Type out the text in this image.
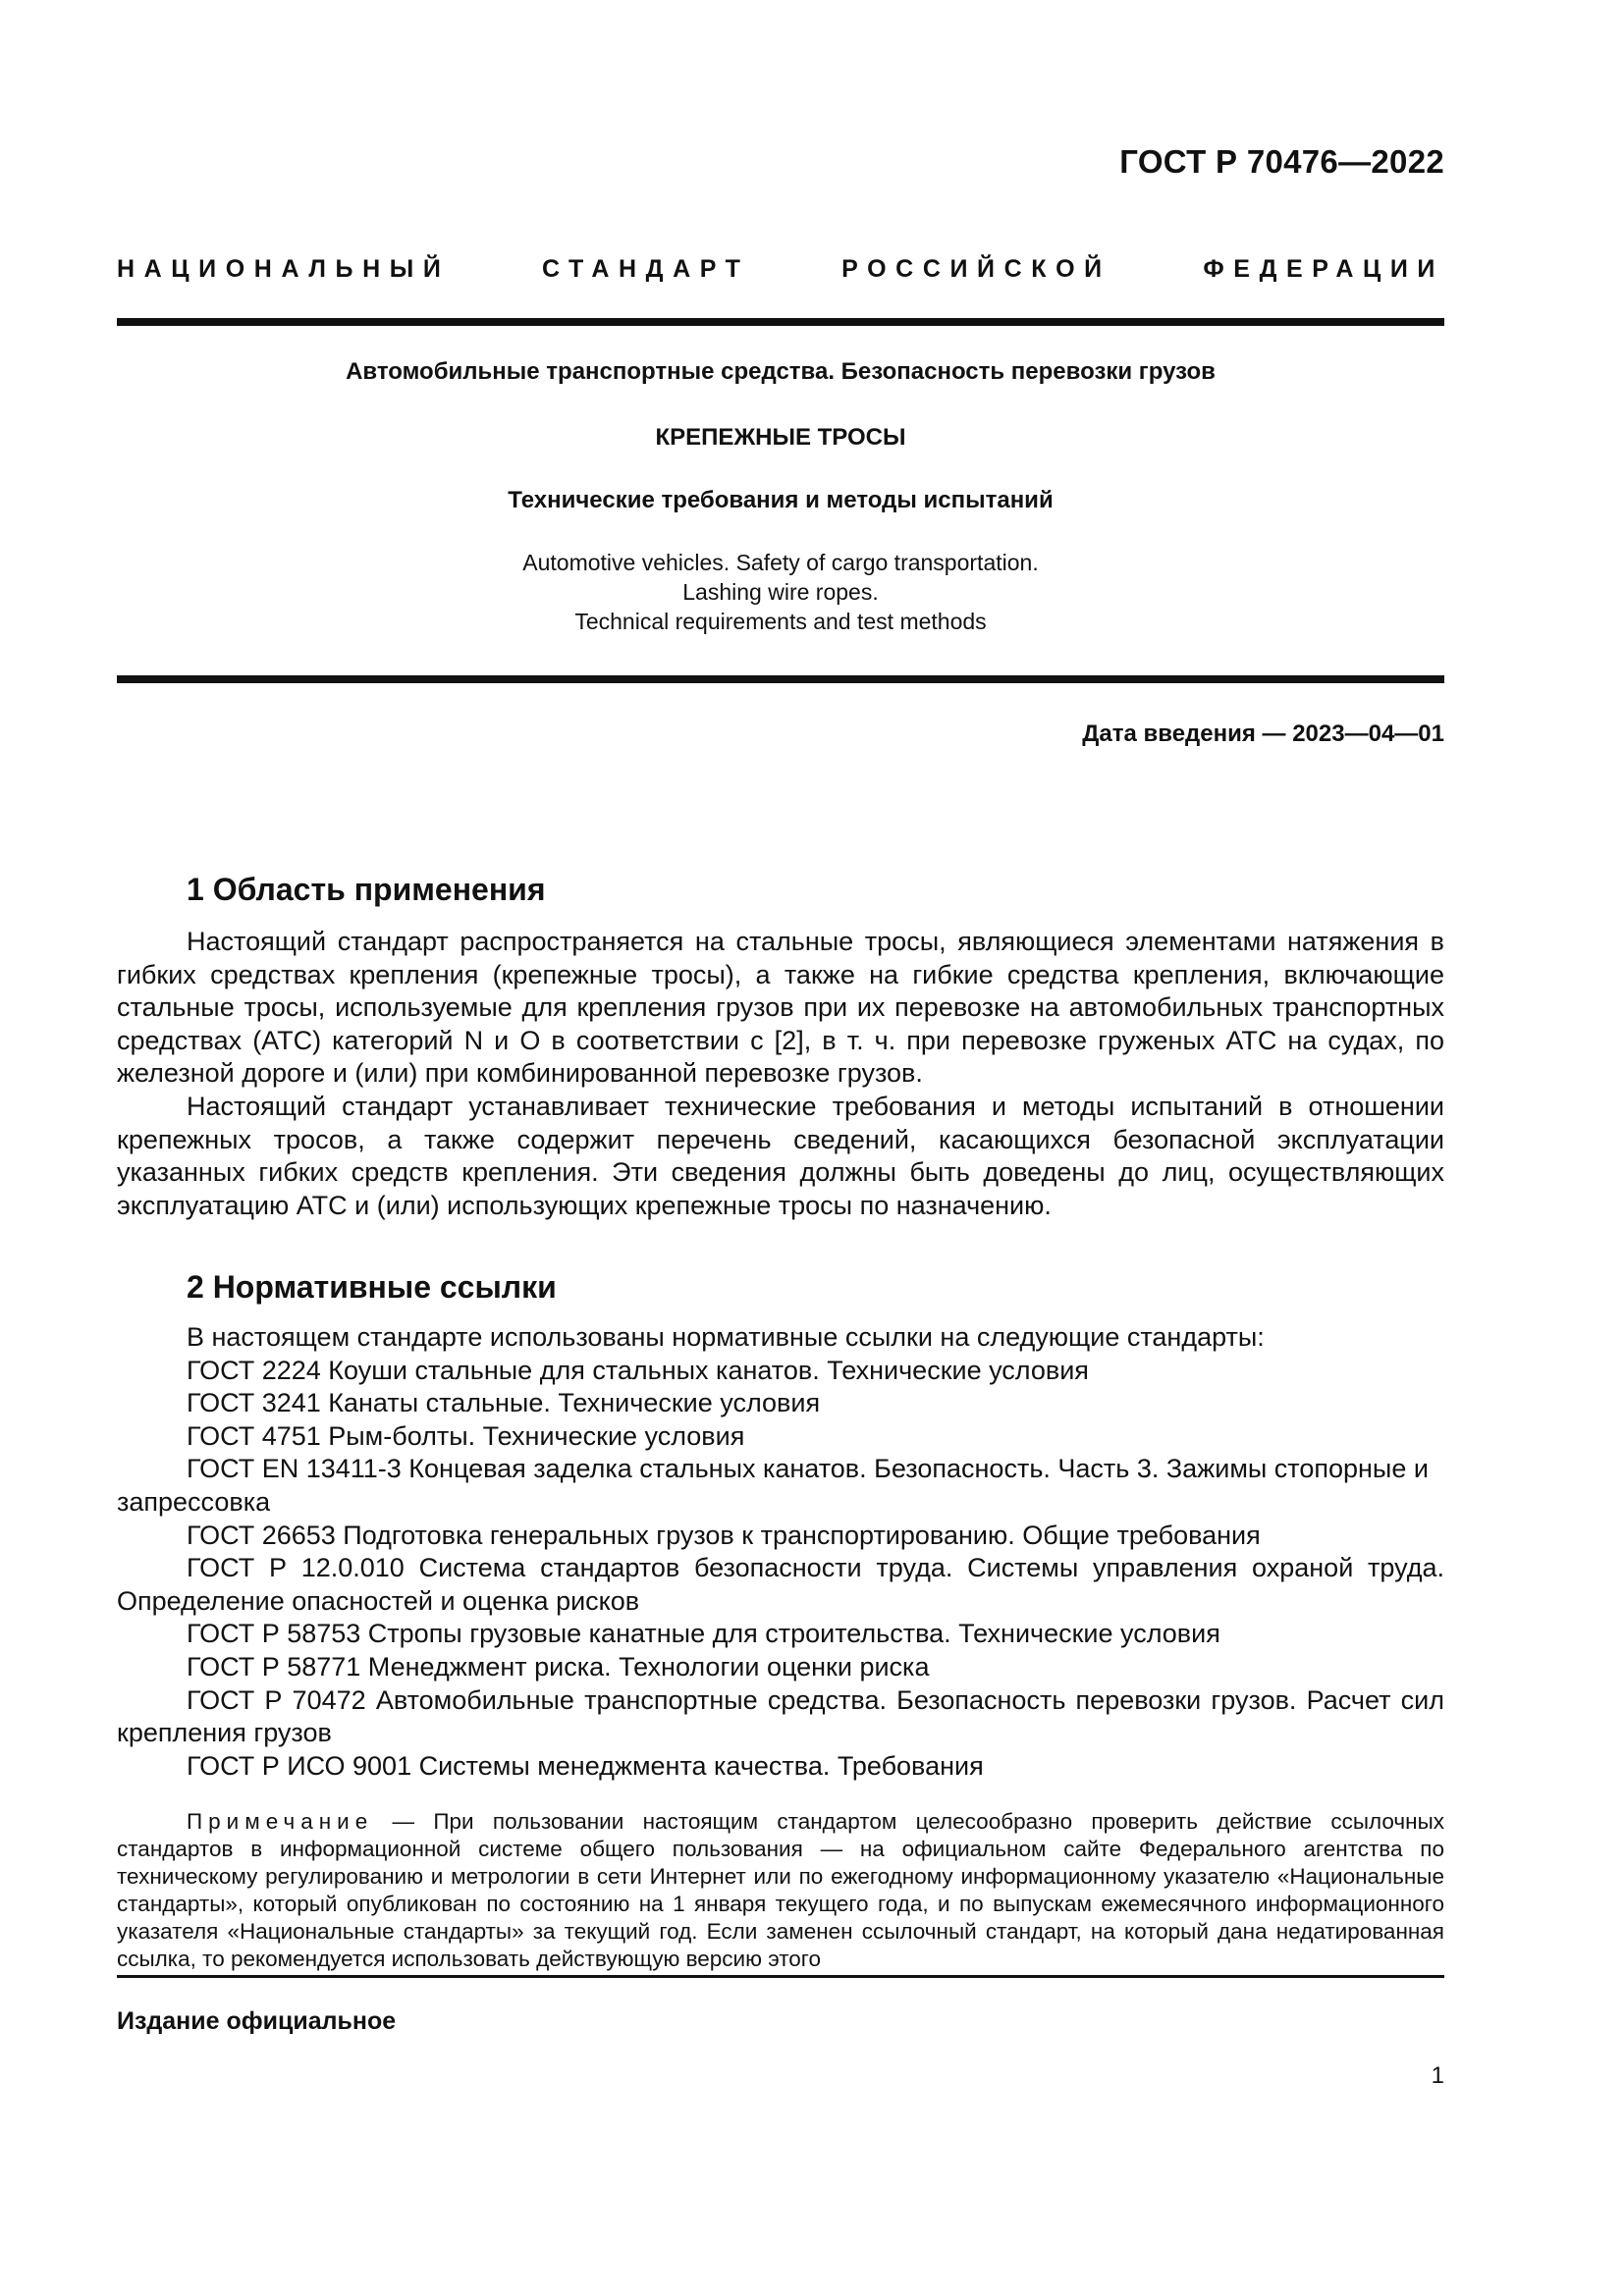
ГОСТ Р 70476—2022
НАЦИОНАЛЬНЫЙ СТАНДАРТ РОССИЙСКОЙ ФЕДЕРАЦИИ
Автомобильные транспортные средства. Безопасность перевозки грузов
КРЕПЕЖНЫЕ ТРОСЫ
Технические требования и методы испытаний
Automotive vehicles. Safety of cargo transportation.
Lashing wire ropes.
Technical requirements and test methods
Дата введения — 2023—04—01
1 Область применения

Настоящий стандарт распространяется на стальные тросы, являющиеся элементами натяжения в гибких средствах крепления (крепежные тросы), а также на гибкие средства крепления, включающие стальные тросы, используемые для крепления грузов при их перевозке на автомобильных транспортных средствах (АТС) категорий N и O в соответствии с [2], в т. ч. при перевозке груженых АТС на судах, по железной дороге и (или) при комбинированной перевозке грузов.

Настоящий стандарт устанавливает технические требования и методы испытаний в отношении крепежных тросов, а также содержит перечень сведений, касающихся безопасной эксплуатации указанных гибких средств крепления. Эти сведения должны быть доведены до лиц, осуществляющих эксплуатацию АТС и (или) использующих крепежные тросы по назначению.

2 Нормативные ссылки

В настоящем стандарте использованы нормативные ссылки на следующие стандарты:

ГОСТ 2224 Коуши стальные для стальных канатов. Технические условия

ГОСТ 3241 Канаты стальные. Технические условия

ГОСТ 4751 Рым-болты. Технические условия

ГОСТ EN 13411-3 Концевая заделка стальных канатов. Безопасность. Часть 3. Зажимы стопорные и запрессовка

ГОСТ 26653 Подготовка генеральных грузов к транспортированию. Общие требования

ГОСТ Р 12.0.010 Система стандартов безопасности труда. Системы управления охраной труда. Определение опасностей и оценка рисков

ГОСТ Р 58753 Стропы грузовые канатные для строительства. Технические условия

ГОСТ Р 58771 Менеджмент риска. Технологии оценки риска

ГОСТ Р 70472 Автомобильные транспортные средства. Безопасность перевозки грузов. Расчет сил крепления грузов

ГОСТ Р ИСО 9001 Системы менеджмента качества. Требования

Примечание — При пользовании настоящим стандартом целесообразно проверить действие ссылочных стандартов в информационной системе общего пользования — на официальном сайте Федерального агентства по техническому регулированию и метрологии в сети Интернет или по ежегодному информационному указателю «Национальные стандарты», который опубликован по состоянию на 1 января текущего года, и по выпускам ежемесячного информационного указателя «Национальные стандарты» за текущий год. Если заменен ссылочный стандарт, на который дана недатированная ссылка, то рекомендуется использовать действующую версию этого

Издание официальное
1
